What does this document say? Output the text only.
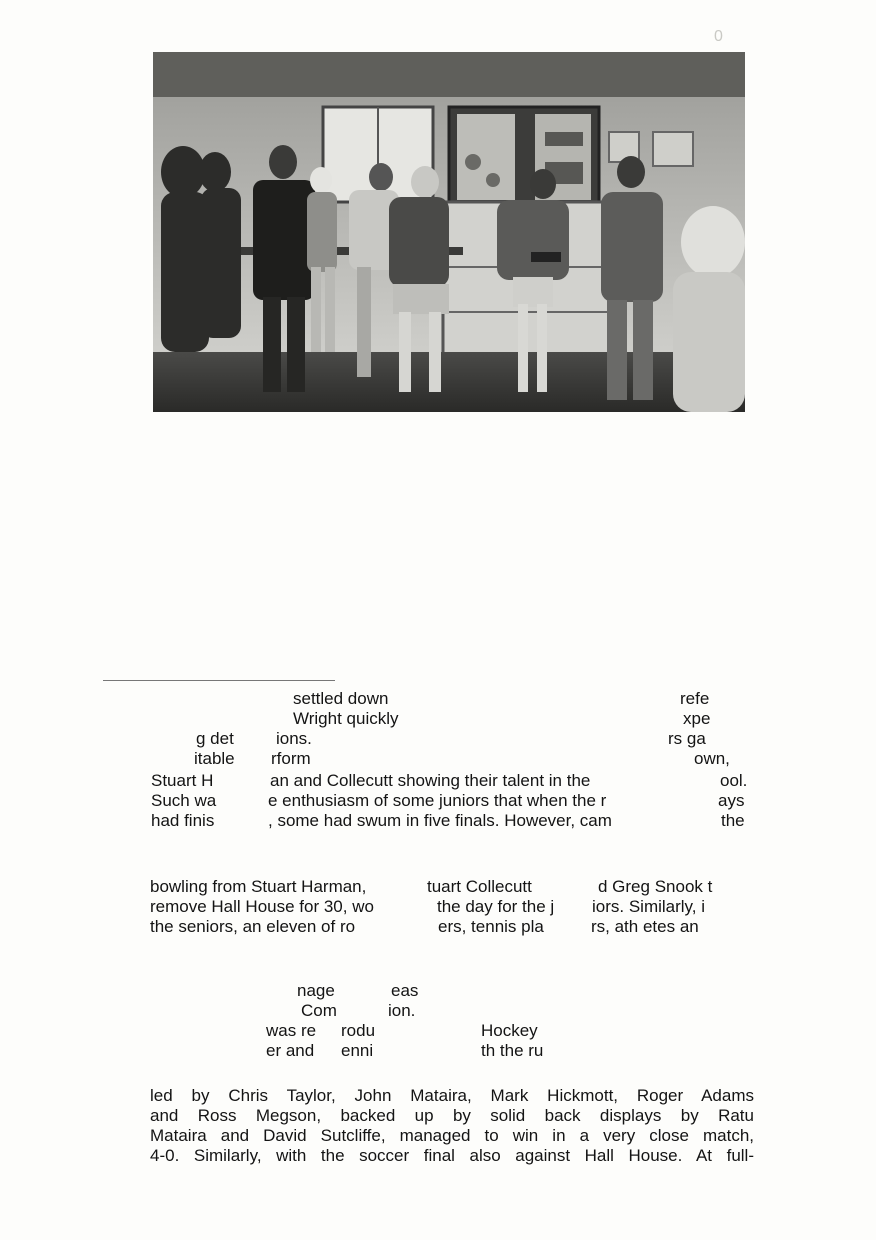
0
settled down	refe
Wright quickly	xpe
g det ions.	rs ga
itable rform	own,
Stuart H	an and Collecutt showing their talent in the	ool.
Such wa	e enthusiasm of some juniors that when the r	ays
had finis	, some had swum in five finals. However, cam	the
bowling from Stuart Harman,	tuart Collecutt	d Greg Snook t
remove Hall House for 30, wo	the day for the j iors. Similarly, i
the seniors, an eleven of ro	ers, tennis pla	rs, ath etes an
nage	eas
Com	ion.
was re rodu	Hockey
er and enni	th the ru
led by Chris Taylor, John Mataira, Mark Hickmott, Roger Adams
and Ross Megson, backed up by solid back displays by Ratu
Mataira and David Sutcliffe, managed to win in a very close match,
4-0. Similarly, with the soccer final also against Hall House. At full-
